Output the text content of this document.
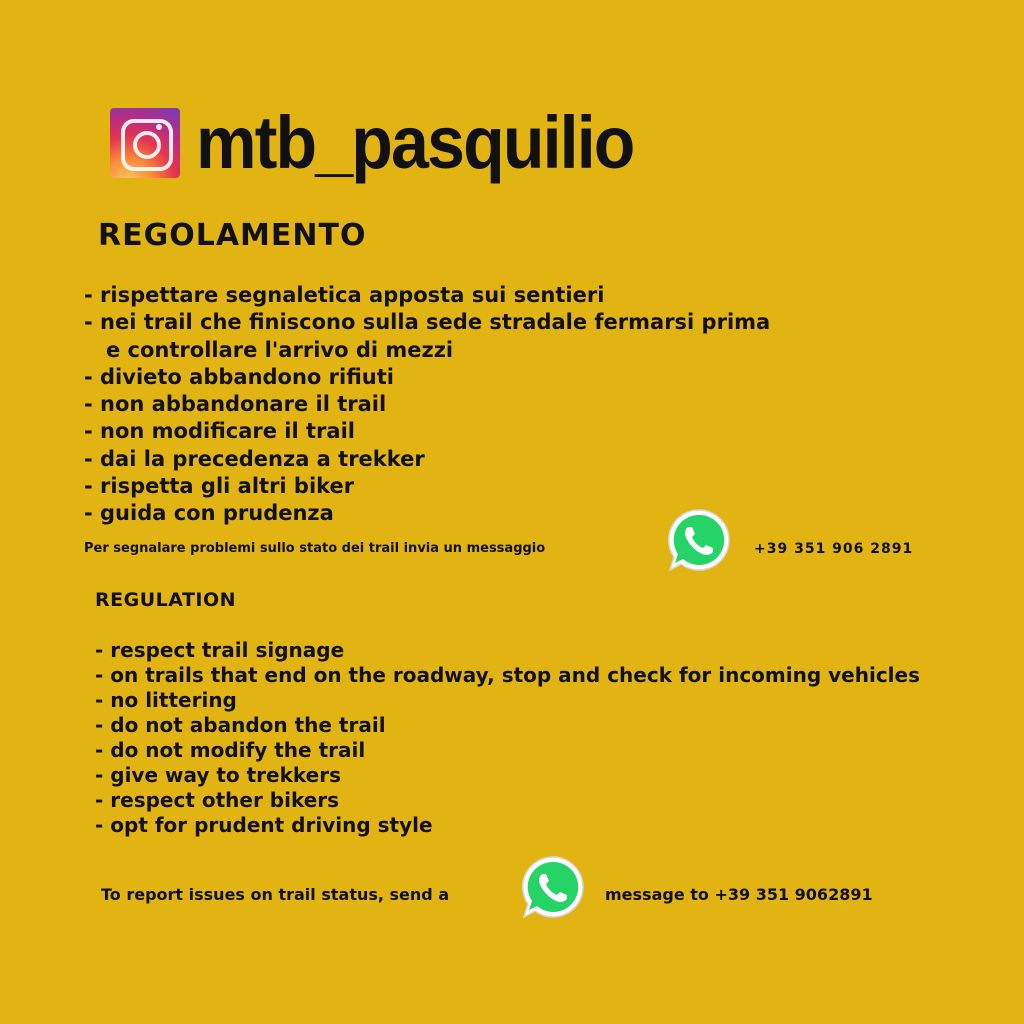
mtb_pasquilio
REGOLAMENTO
- rispettare segnaletica apposta sui sentieri
- nei trail che finiscono sulla sede stradale fermarsi prima
e controllare l'arrivo di mezzi
- divieto abbandono rifiuti
- non abbandonare il trail
- non modificare il trail
- dai la precedenza a trekker
- rispetta gli altri biker
- guida con prudenza
Per segnalare problemi sullo stato dei trail invia un messaggio	+39 351 906 2891
REGULATION
- respect trail signage
- on trails that end on the roadway, stop and check for incoming vehicles
- no littering
- do not abandon the trail
- do not modify the trail
- give way to trekkers
- respect other bikers
- opt for prudent driving style
To report issues on trail status, send a	message to +39 351 9062891
